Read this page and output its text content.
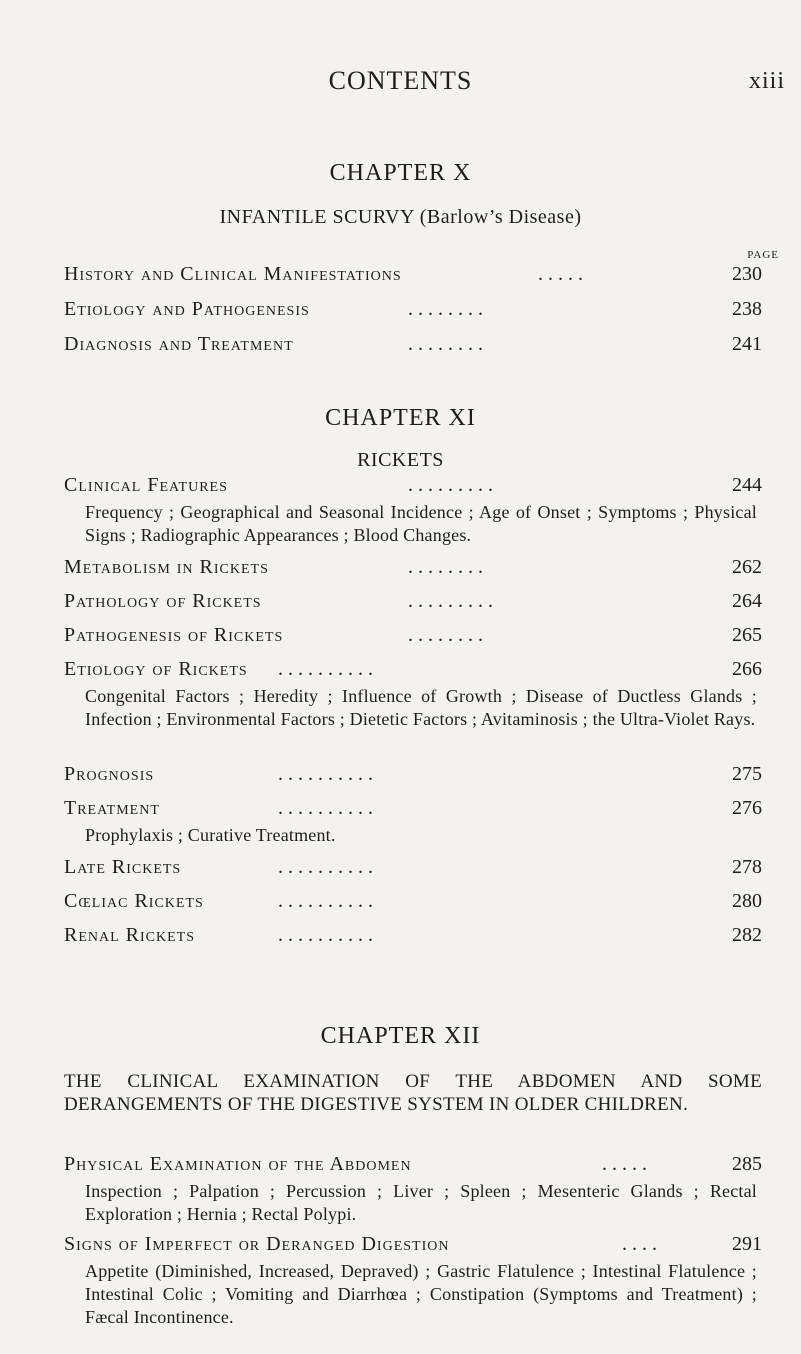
CONTENTS	xiii
CHAPTER X
INFANTILE SCURVY (Barlow’s Disease)
PAGE
History and Clinical Manifestations	. . . . .	230
Etiology and Pathogenesis	. . . . . . . .	238
Diagnosis and Treatment	. . . . . . . .	241
CHAPTER XI
RICKETS
Clinical Features	. . . . . . . . .	244
Frequency ; Geographical and Seasonal Incidence ; Age of Onset ; Symptoms ; Physical Signs ; Radiographic Appearances ; Blood Changes.
Metabolism in Rickets	. . . . . . . .	262
Pathology of Rickets	. . . . . . . . .	264
Pathogenesis of Rickets	. . . . . . . .	265
Etiology of Rickets . . . . . . . . . .	266
Congenital Factors ; Heredity ; Influence of Growth ; Disease of Ductless Glands ; Infection ; Environmental Factors ; Dietetic Factors ; Avitaminosis ; the Ultra-Violet Rays.
Prognosis	. . . . . . . . . .	275
Treatment	. . . . . . . . . .	276
Prophylaxis ; Curative Treatment.
Late Rickets	. . . . . . . . . .	278
Cœliac Rickets	. . . . . . . . . .	280
Renal Rickets	. . . . . . . . . .	282
CHAPTER XII
THE CLINICAL EXAMINATION OF THE ABDOMEN AND SOME DERANGEMENTS OF THE DIGESTIVE SYSTEM IN OLDER CHILDREN.
Physical Examination of the Abdomen	. . . . .	285
Inspection ; Palpation ; Percussion ; Liver ; Spleen ; Mesenteric Glands ; Rectal Exploration ; Hernia ; Rectal Polypi.
Signs of Imperfect or Deranged Digestion	. . . .	291
Appetite (Diminished, Increased, Depraved) ; Gastric Flatulence ; Intestinal Flatulence ; Intestinal Colic ; Vomiting and Diarrhœa ; Constipation (Symptoms and Treatment) ; Fæcal Incontinence.
